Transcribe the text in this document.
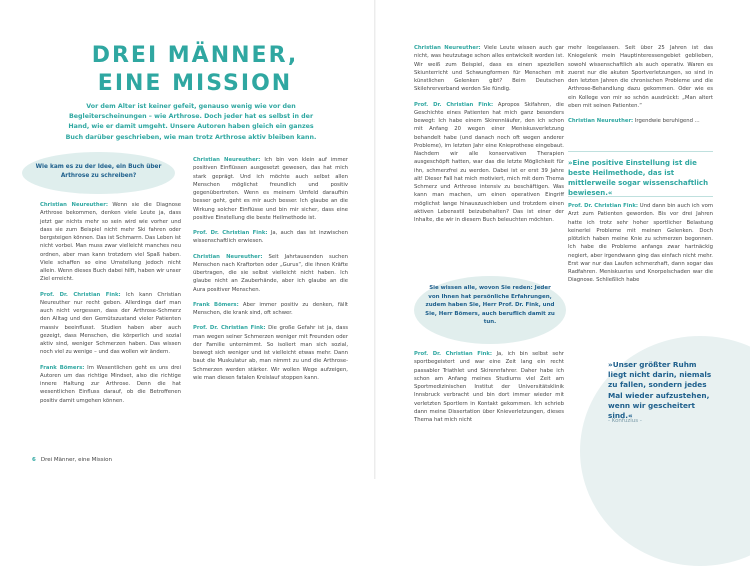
DREI MÄNNER,
EINE MISSION

Vor dem Alter ist keiner gefeit, genauso wenig wie vor den Begleiterscheinungen – wie Arthrose. Doch jeder hat es selbst in der Hand, wie er damit umgeht. Unsere Autoren haben gleich ein ganzes Buch darüber geschrieben, wie man trotz Arthrose aktiv bleiben kann.

Wie kam es zu der Idee, ein Buch über Arthrose zu schreiben?

Christian Neureuther: Wenn sie die Diagnose Arthrose bekommen, denken viele Leute ja, dass jetzt gar nichts mehr so sein wird wie vorher und dass sie zum Beispiel nicht mehr Ski fahren oder bergsteigen können. Das ist Schmarrn. Das Leben ist nicht vorbei. Man muss zwar vielleicht manches neu ordnen, aber man kann trotzdem viel Spaß haben. Viele schaffen so eine Umstellung jedoch nicht allein. Wenn dieses Buch dabei hilft, haben wir unser Ziel erreicht.

Prof. Dr. Christian Fink: Ich kann Christian Neureuther nur recht geben. Allerdings darf man auch nicht vergessen, dass der Arthrose-Schmerz den Alltag und den Gemütszustand vieler Patienten massiv beeinflusst. Studien haben aber auch gezeigt, dass Menschen, die körperlich und sozial aktiv sind, weniger Schmerzen haben. Das wissen noch viel zu wenige – und das wollen wir ändern.

Frank Bömers: Im Wesentlichen geht es uns drei Autoren um das richtige Mindset, also die richtige innere Haltung zur Arthrose. Denn die hat wesentlichen Einfluss darauf, ob die Betroffenen positiv damit umgehen können.

Christian Neureuther: Ich bin von klein auf immer positiven Einflüssen ausgesetzt gewesen, das hat mich stark geprägt. Und ich möchte auch selbst allen Menschen möglichst freundlich und positiv gegenübertreten. Wenn es meinem Umfeld daraufhin besser geht, geht es mir auch besser. Ich glaube an die Wirkung solcher Einflüsse und bin mir sicher, dass eine positive Einstellung die beste Heilmethode ist.

Prof. Dr. Christian Fink: Ja, auch das ist inzwischen wissenschaftlich erwiesen.

Christian Neureuther: Seit Jahrtausenden suchen Menschen nach Kraftorten oder „Gurus“, die ihnen Kräfte übertragen, die sie selbst vielleicht nicht haben. Ich glaube nicht an Zauberhände, aber ich glaube an die Aura positiver Menschen.

Frank Bömers: Aber immer positiv zu denken, fällt Menschen, die krank sind, oft schwer.

Prof. Dr. Christian Fink: Die große Gefahr ist ja, dass man wegen seiner Schmerzen weniger mit Freunden oder der Familie unternimmt. So isoliert man sich sozial, bewegt sich weniger und ist vielleicht etwas mehr. Dann baut die Muskulatur ab, man nimmt zu und die Arthrose-Schmerzen werden stärker. Wir wollen Wege aufzeigen, wie man diesen fatalen Kreislauf stoppen kann.

Christian Neureuther: Viele Leute wissen auch gar nicht, was heutzutage schon alles entwickelt worden ist. Wir weiß zum Beispiel, dass es einen speziellen Skiunterricht und Schwungformen für Menschen mit künstlichen Gelenken gibt? Beim Deutschen Skilehrerverband werden Sie fündig.

Prof. Dr. Christian Fink: Apropos Skifahren, die Geschichte eines Patienten hat mich ganz besonders bewegt: Ich habe einem Skirennläufer, den ich schon mit Anfang 20 wegen einer Meniskusverletzung behandelt habe (und danach noch oft wegen anderer Probleme), im letzten Jahr eine Knieprothese eingebaut. Nachdem wir alle konservativen Therapien ausgeschöpft hatten, war das die letzte Möglichkeit für ihn, schmerzfrei zu werden. Dabei ist er erst 39 Jahre alt! Dieser Fall hat mich motiviert, mich mit dem Thema Schmerz und Arthrose intensiv zu beschäftigen. Was kann man machen, um einen operativen Eingriff möglichst lange hinauszuschieben und trotzdem einen aktiven Lebensstil beizubehalten? Das ist einer der Inhalte, die wir in diesem Buch beleuchten möchten.

Sie wissen alle, wovon Sie reden: Jeder von Ihnen hat persönliche Erfahrungen, zudem haben Sie, Herr Prof. Dr. Fink, und Sie, Herr Bömers, auch beruflich damit zu tun.

Prof. Dr. Christian Fink: Ja, ich bin selbst sehr sportbegeistert und war eine Zeit lang ein recht passabler Triathlet und Skirennfahrer. Daher habe ich schon am Anfang meines Studiums viel Zeit am Sportmedizinischen Institut der Universitätsklinik Innsbruck verbracht und bin dort immer wieder mit verletzten Sportlern in Kontakt gekommen. Ich schrieb dann meine Dissertation über Knieverletzungen, dieses Thema hat mich nicht

mehr losgelassen. Seit über 25 Jahren ist das Kniegelenk mein Hauptinteressengebiet geblieben, sowohl wissenschaftlich als auch operativ. Waren es zuerst nur die akuten Sportverletzungen, so sind in den letzten Jahren die chronischen Probleme und die Arthrose-Behandlung dazu gekommen. Oder wie es ein Kollege von mir so schön ausdrückt: „Man altert eben mit seinen Patienten.“

Christian Neureuther: Irgendwie beruhigend ...

»Eine positive Einstellung ist die beste Heilmethode, das ist mittlerweile sogar wissenschaftlich bewiesen.«

Prof. Dr. Christian Fink: Und dann bin auch ich vom Arzt zum Patienten geworden. Bis vor drei Jahren hatte ich trotz sehr hoher sportlicher Belastung keinerlei Probleme mit meinen Gelenken. Doch plötzlich haben meine Knie zu schmerzen begonnen. Ich habe die Probleme anfangs zwar hartnäckig negiert, aber irgendwann ging das einfach nicht mehr. Erst war nur das Laufen schmerzhaft, dann sogar das Radfahren. Meniskusriss und Knorpelschaden war die Diagnose. Schließlich habe

»Unser größter Ruhm liegt nicht darin, niemals zu fallen, sondern jedes Mal wieder aufzustehen, wenn wir gescheitert sind.«

- Konfuzius -
6 Drei Männer, eine Mission
